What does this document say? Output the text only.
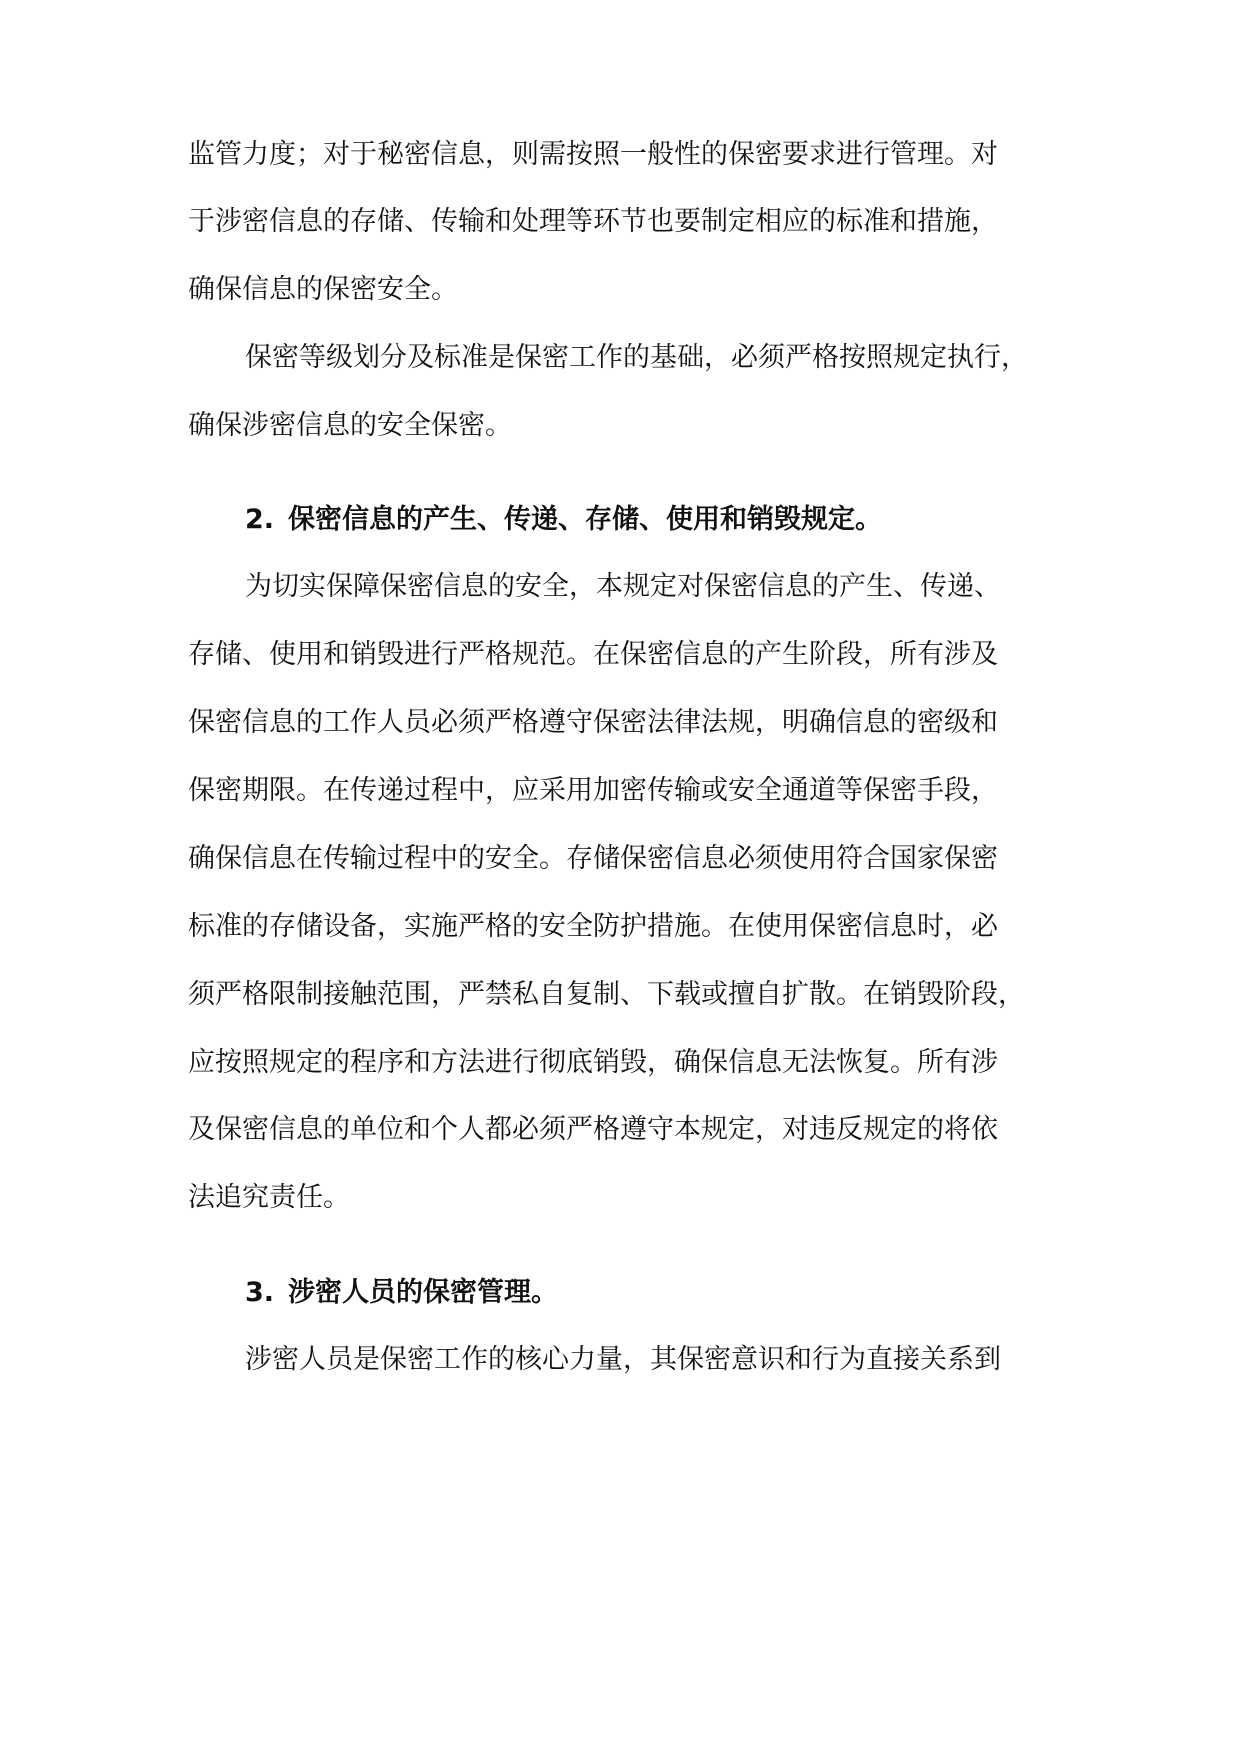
监管力度；对于秘密信息，则需按照一般性的保密要求进行管理。对
于涉密信息的存储、传输和处理等环节也要制定相应的标准和措施，
确保信息的保密安全。
保密等级划分及标准是保密工作的基础，必须严格按照规定执行，
确保涉密信息的安全保密。
2. 保密信息的产生、传递、存储、使用和销毁规定。
为切实保障保密信息的安全，本规定对保密信息的产生、传递、
存储、使用和销毁进行严格规范。在保密信息的产生阶段，所有涉及
保密信息的工作人员必须严格遵守保密法律法规，明确信息的密级和
保密期限。在传递过程中，应采用加密传输或安全通道等保密手段，
确保信息在传输过程中的安全。存储保密信息必须使用符合国家保密
标准的存储设备，实施严格的安全防护措施。在使用保密信息时，必
须严格限制接触范围，严禁私自复制、下载或擅自扩散。在销毁阶段，
应按照规定的程序和方法进行彻底销毁，确保信息无法恢复。所有涉
及保密信息的单位和个人都必须严格遵守本规定，对违反规定的将依
法追究责任。
3. 涉密人员的保密管理。
涉密人员是保密工作的核心力量，其保密意识和行为直接关系到
